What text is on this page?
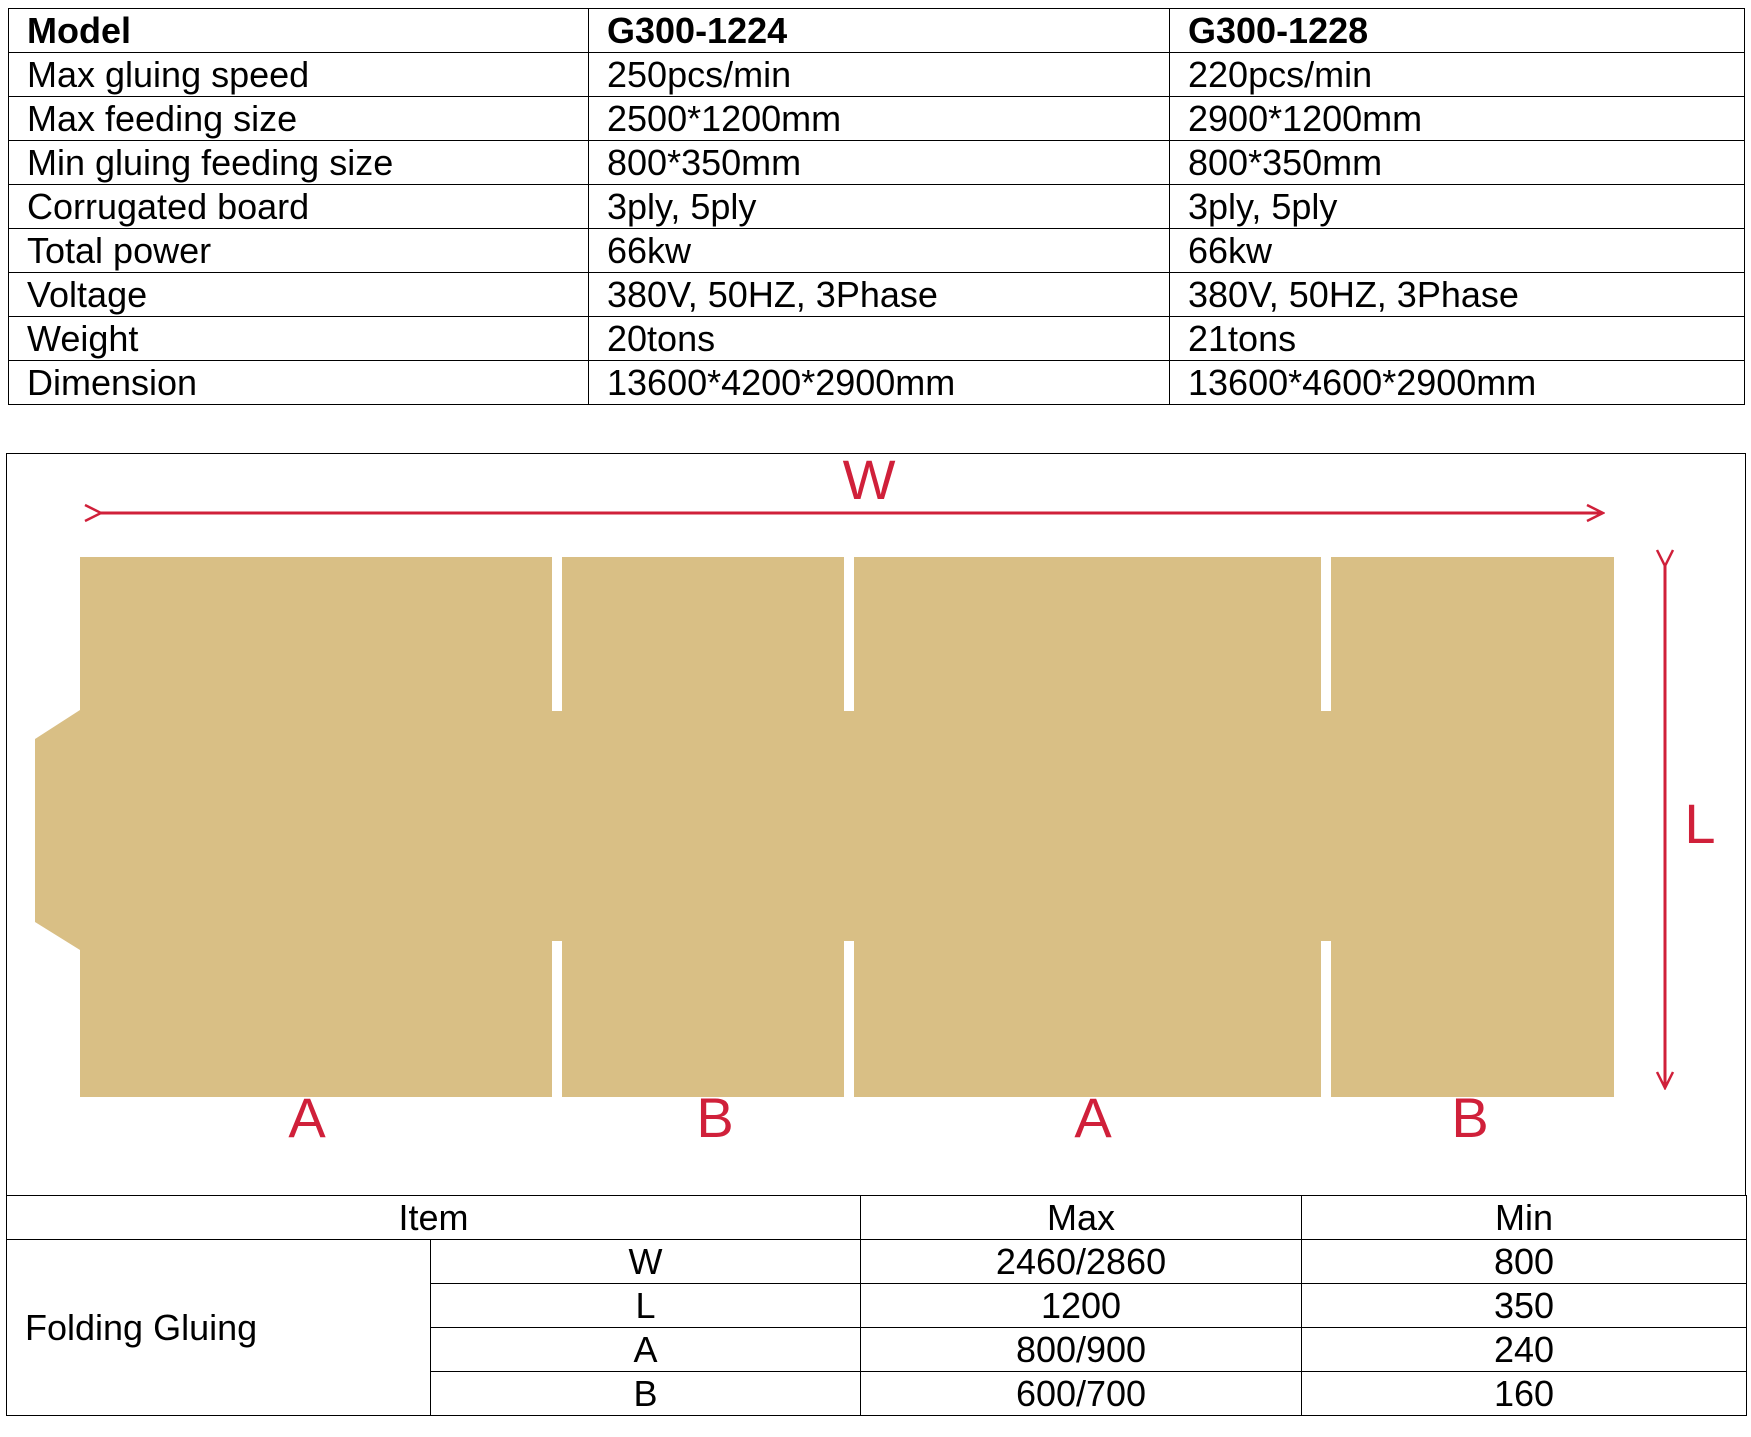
Model	G300-1224	G300-1228
Max gluing speed	250pcs/min	220pcs/min
Max feeding size	2500*1200mm	2900*1200mm
Min gluing feeding size	800*350mm	800*350mm
Corrugated board	3ply, 5ply	3ply, 5ply
Total power	66kw	66kw
Voltage	380V, 50HZ, 3Phase	380V, 50HZ, 3Phase
Weight	20tons	21tons
Dimension	13600*4200*2900mm	13600*4600*2900mm
W
L
A	B	A	B
Item		Max	Min
Folding Gluing	W	2460/2860	800
	L	1200	350
	A	800/900	240
	B	600/700	160
